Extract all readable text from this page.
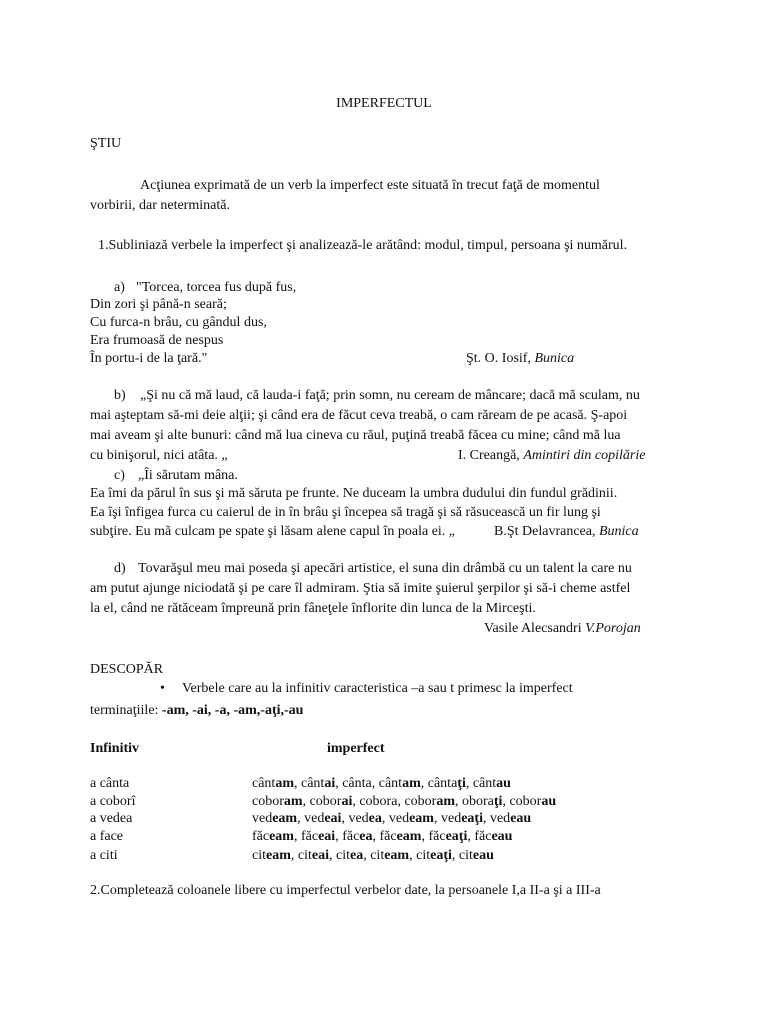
IMPERFECTUL
ŞTIU
Acţiunea exprimată de un verb la imperfect este situată în trecut faţă de momentul
vorbirii, dar neterminată.
1.Subliniază verbele la imperfect şi analizează-le arătând: modul, timpul, persoana şi numărul.
a) "Torcea, torcea fus după fus,
Din zori şi până-n seară;
Cu furca-n brâu, cu gândul dus,
Era frumoasă de nespus
În portu-i de la ţară."	Şt. O. Iosif, Bunica
b) „Şi nu că mă laud, că lauda-i faţă; prin somn, nu ceream de mâncare; dacă mă sculam, nu
mai aşteptam să-mi deie alţii; şi când era de făcut ceva treabă, o cam răream de pe acasă. Ş-apoi
mai aveam şi alte bunuri: când mă lua cineva cu răul, puţină treabă făcea cu mine; când mă lua
cu binişorul, nici atâta. „	I. Creangă, Amintiri din copilărie
c) „Îi sărutam mâna.
Ea îmi da părul în sus şi mă săruta pe frunte. Ne duceam la umbra dudului din fundul grădinii.
Ea îşi înfigea furca cu caierul de in în brâu şi începea să tragă şi să răsucească un fir lung şi
subţire. Eu mă culcam pe spate şi lăsam alene capul în poala ei. „	B.Şt Delavrancea, Bunica
d) Tovarăşul meu mai poseda şi apecări artistice, el suna din drâmbă cu un talent la care nu
am putut ajunge niciodată şi pe care îl admiram. Ştia să imite şuierul şerpilor şi să-i cheme astfel
la el, când ne rătăceam împreună prin fâneţele înflorite din lunca de la Mirceşti.
Vasile Alecsandri V.Porojan
DESCOPĂR
• Verbele care au la infinitiv caracteristica –a sau t primesc la imperfect
terminaţiile: -am, -ai, -a, -am,-aţi,-au
Infinitiv	imperfect
a cânta	cântam, cântai, cânta, cântam, cântaţi, cântau
a coborî	coboram, coborai, cobora, coboram, oboraţi, coborau
a vedea	vedeam, vedeai, vedea, vedeam, vedeaţi, vedeau
a face	făceam, făceai, făcea, făceam, făceaţi, făceau
a citi	citeam, citeai, citea, citeam, citeaţi, citeau
2.Completează coloanele libere cu imperfectul verbelor date, la persoanele I,a II-a şi a III-a
